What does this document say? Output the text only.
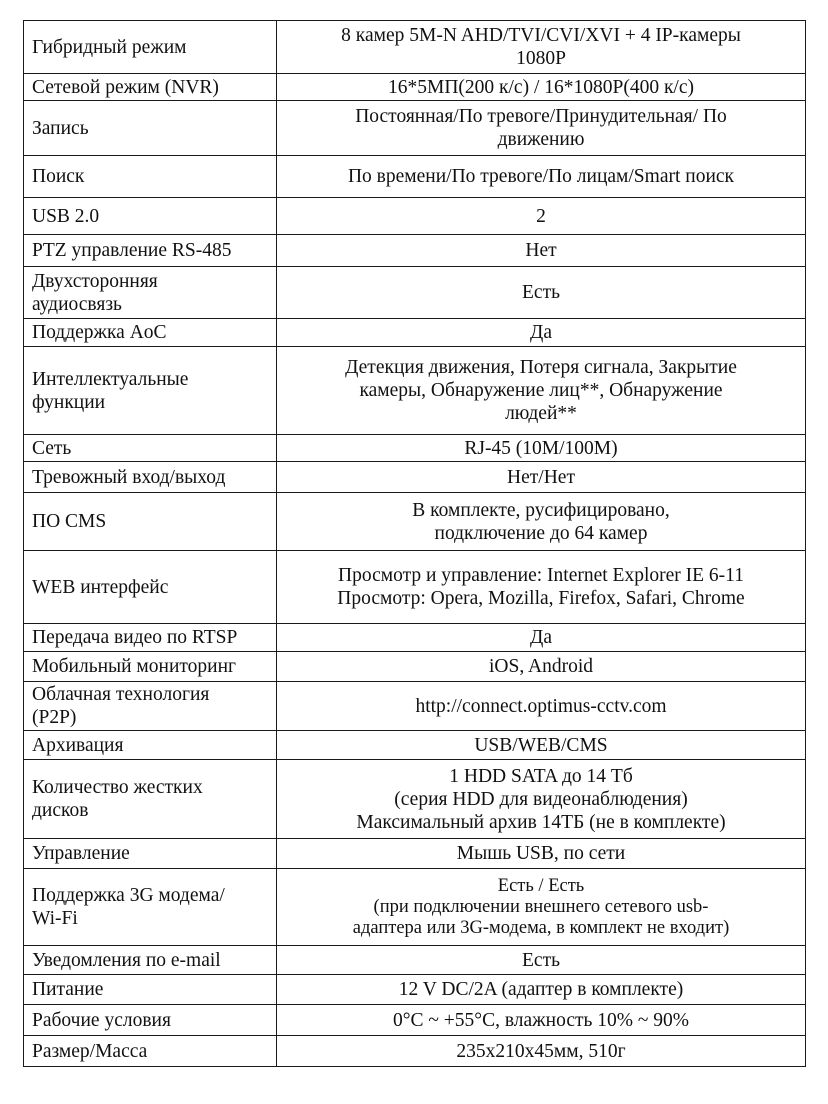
Гибридный режим	8 камер 5М-N AHD/TVI/CVI/XVI + 4 IP-камеры
1080P

Сетевой режим (NVR)	16*5МП(200 к/с) / 16*1080P(400 к/с)

Запись	Постоянная/По тревоге/Принудительная/ По
движению

Поиск	По времени/По тревоге/По лицам/Smart поиск

USB 2.0	2

PTZ управление RS-485	Нет

Двухсторонняя
аудиосвязь	Есть

Поддержка AoC	Да

Интеллектуальные
функции	Детекция движения, Потеря сигнала, Закрытие
камеры, Обнаружение лиц**, Обнаружение
людей**

Сеть	RJ-45 (10M/100M)

Тревожный вход/выход	Нет/Нет

ПО CMS	В комплекте, русифицировано,
подключение до 64 камер

WEB интерфейс	Просмотр и управление: Internet Explorer IE 6-11
Просмотр: Opera, Mozilla, Firefox, Safari, Chrome

Передача видео по RTSP	Да

Мобильный мониторинг	iOS, Android

Облачная технология
(P2P)	http://connect.optimus-cctv.com

Архивация	USB/WEB/CMS

Количество жестких
дисков	1 HDD SATA до 14 Тб
(серия HDD для видеонаблюдения)
Максимальный архив 14ТБ (не в комплекте)

Управление	Мышь USB, по сети

Поддержка 3G модема/
Wi-Fi	Есть / Есть
(при подключении внешнего сетевого usb-
адаптера или 3G-модема, в комплект не входит)

Уведомления по e-mail	Есть

Питание	12 V DC/2A (адаптер в комплекте)

Рабочие условия	0°C ~ +55°C, влажность 10% ~ 90%

Размер/Масса	235x210x45мм, 510г
